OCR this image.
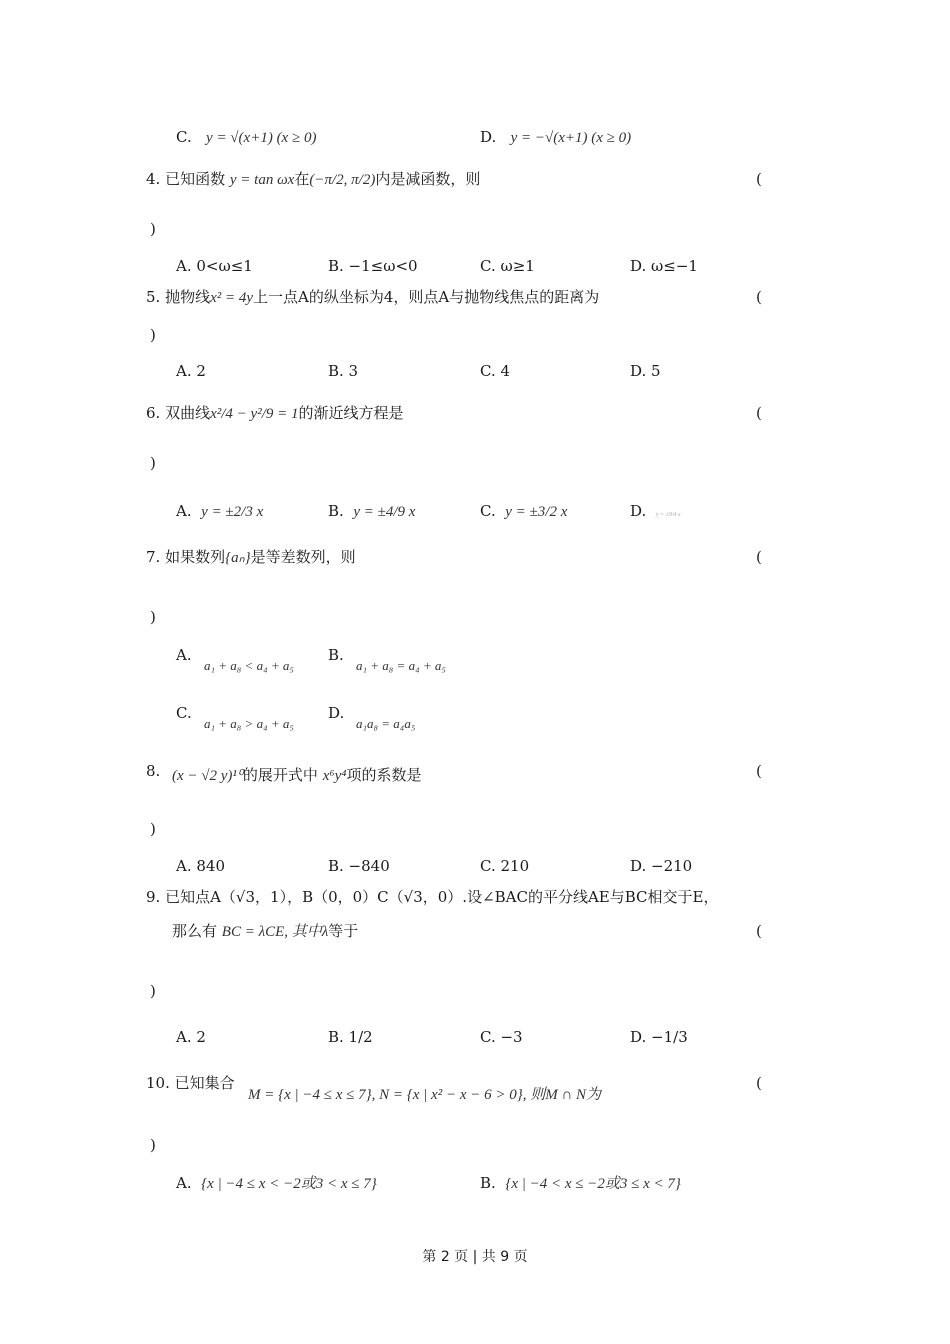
C. y = √(x+1) (x ≥ 0)	D. y = −√(x+1) (x ≥ 0)
4. 已知函数 y = tan ωx在(−π/2, π/2)内是减函数，则	(
)
A. 0<ω≤1	B. −1≤ω<0	C. ω≥1	D. ω≤−1
5. 抛物线x² = 4y上一点A的纵坐标为4，则点A与抛物线焦点的距离为	(
)
A. 2	B. 3	C. 4	D. 5
6. 双曲线x²/4 − y²/9 = 1的渐近线方程是	(
)
A. y = ±2/3 x	B. y = ±4/9 x	C. y = ±3/2 x	D. y = ±9/4 x
7. 如果数列{aₙ}是等差数列，则	(
)
A.
a₁ + a₈ < a₄ + a₅
B.
a₁ + a₈ = a₄ + a₅
C.
a₁ + a₈ > a₄ + a₅
D.
a₁a₈ = a₄a₅
8. (x − √2 y)¹⁰的展开式中 x⁶y⁴项的系数是	(
)
A. 840	B. −840	C. 210	D. −210
9. 已知点A（√3，1），B（0，0）C（√3，0）.设∠BAC的平分线AE与BC相交于E，
那么有 BC = λCE, 其中λ等于	(
)
A. 2	B. 1/2	C. −3	D. −1/3
10. 已知集合
M = {x | −4 ≤ x ≤ 7}, N = {x | x² − x − 6 > 0}, 则M ∩ N为
(
)
A. {x | −4 ≤ x < −2或3 < x ≤ 7}	B. {x | −4 < x ≤ −2或3 ≤ x < 7}
第 2 页 | 共 9 页
